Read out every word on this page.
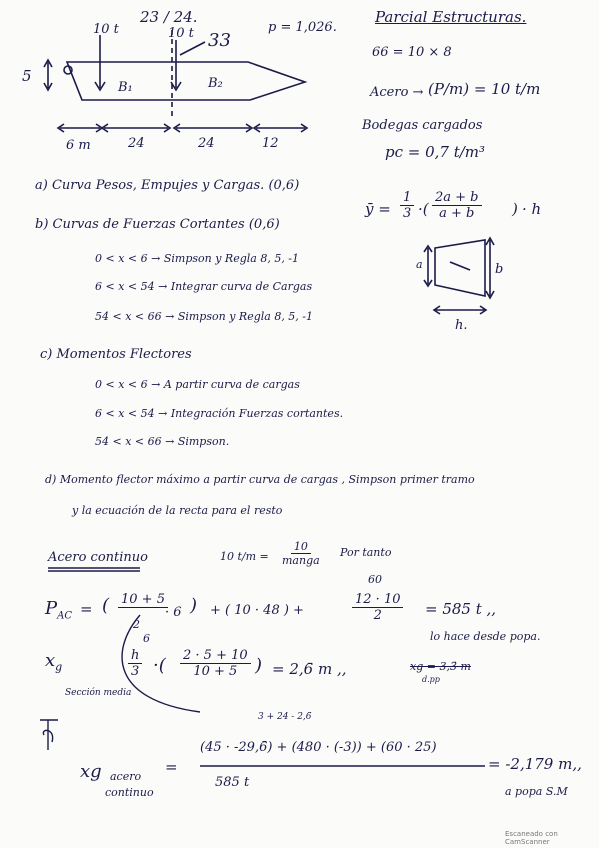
23 / 24.
p = 1,026.
Parcial Estructuras.
66 = 10 × 8
Acero → (P/m) = 10 t/m
Bodegas cargados
pc = 0,7 t/m³
10 t	10 t 33
5
B₁	B₂
6 m	24	24	12
a) Curva Pesos, Empujes y Cargas. (0,6)
b) Curvas de Fuerzas Cortantes (0,6)
0 < x < 6 → Simpson y Regla 8, 5, -1
6 < x < 54 → Integrar curva de Cargas
54 < x < 66 → Simpson y Regla 8, 5, -1
c) Momentos Flectores
0 < x < 6 → A partir curva de cargas
6 < x < 54 → Integración Fuerzas cortantes.
54 < x < 66 → Simpson.
d) Momento flector máximo a partir curva de cargas , Simpson primer tramo
y la ecuación de la recta para el resto
ȳ = $\frac{1}{3}$ ·( $\frac{2a + b}{a + b}$ ) · h
a	b
h.
Acero continuo	10 t/m =
10
manga
Por tanto
$P_{AC}$ = ( 10 + 5
· 6 ) + ( 10 · 48 ) +
60
$\frac{12 \cdot 10}{2} = 585$ t ,,
lo hace desde popa.
$x_g$
Sección media
2
6
$\frac{h}{3}$ ·( $\frac{2 \cdot 5 + 10}{10 + 5}$ ) = 2,6̄ m ,,	xg = 3,3̄ m
d.pp
3 + 24 - 2,6̄
xg acero
continuo
=
(45 · -29,6̄) + (480 · (-3)) + (60 · 25)
585 t
= -2,179 m,,
a popa S.M
Escaneado con CamScanner
